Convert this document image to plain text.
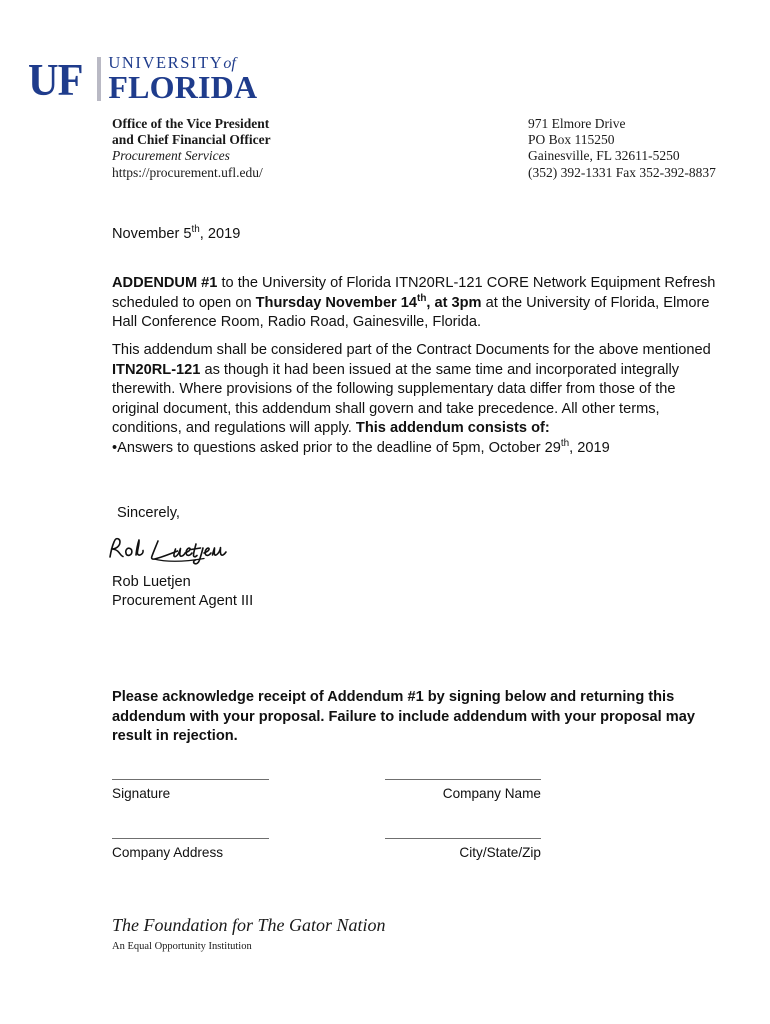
UF UNIVERSITYof
FLORIDA
Office of the Vice President
and Chief Financial Officer
Procurement Services
https://procurement.ufl.edu/
971 Elmore Drive
PO Box 115250
Gainesville, FL 32611-5250
(352) 392-1331 Fax 352-392-8837
November 5th, 2019
ADDENDUM #1 to the University of Florida ITN20RL-121 CORE Network Equipment Refresh scheduled to open on Thursday November 14th, at 3pm at the University of Florida, Elmore Hall Conference Room, Radio Road, Gainesville, Florida.
This addendum shall be considered part of the Contract Documents for the above mentioned ITN20RL-121 as though it had been issued at the same time and incorporated integrally therewith. Where provisions of the following supplementary data differ from those of the original document, this addendum shall govern and take precedence. All other terms, conditions, and regulations will apply. This addendum consists of:
•Answers to questions asked prior to the deadline of 5pm, October 29th, 2019
Sincerely,
Rob Luetjen
Procurement Agent III
Please acknowledge receipt of Addendum #1 by signing below and returning this addendum with your proposal. Failure to include addendum with your proposal may result in rejection.
Signature	Company Name
Company Address	City/State/Zip
The Foundation for The Gator Nation
An Equal Opportunity Institution
